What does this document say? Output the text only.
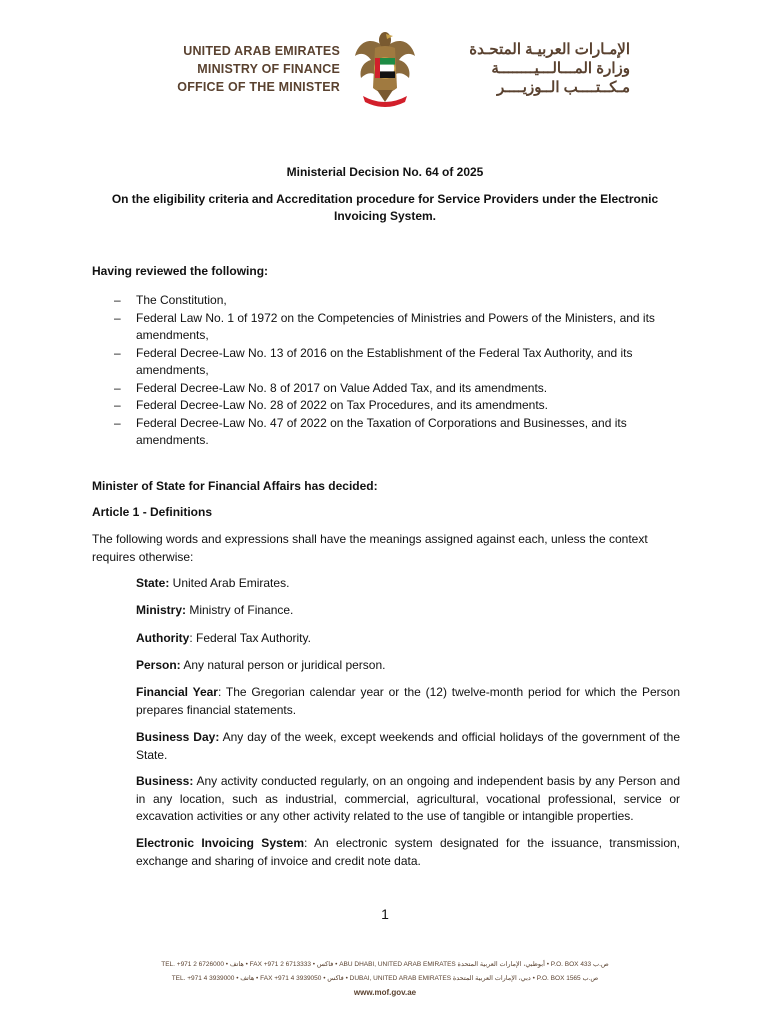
UNITED ARAB EMIRATES
MINISTRY OF FINANCE
OFFICE OF THE MINISTER
الإمـارات العربيـة المتحـدة
وزارة المـــالـــيــــــــة
مـكــتــــب الــوزيــــر
Ministerial Decision No. 64 of 2025
On the eligibility criteria and Accreditation procedure for Service Providers under the Electronic Invoicing System.
Having reviewed the following:
– The Constitution,
– Federal Law No. 1 of 1972 on the Competencies of Ministries and Powers of the Ministers, and its amendments,
– Federal Decree-Law No. 13 of 2016 on the Establishment of the Federal Tax Authority, and its amendments,
– Federal Decree-Law No. 8 of 2017 on Value Added Tax, and its amendments.
– Federal Decree-Law No. 28 of 2022 on Tax Procedures, and its amendments.
– Federal Decree-Law No. 47 of 2022 on the Taxation of Corporations and Businesses, and its amendments.
Minister of State for Financial Affairs has decided:
Article 1 - Definitions
The following words and expressions shall have the meanings assigned against each, unless the context requires otherwise:
State: United Arab Emirates.
Ministry: Ministry of Finance.
Authority: Federal Tax Authority.
Person: Any natural person or juridical person.
Financial Year: The Gregorian calendar year or the (12) twelve-month period for which the Person prepares financial statements.
Business Day: Any day of the week, except weekends and official holidays of the government of the State.
Business: Any activity conducted regularly, on an ongoing and independent basis by any Person and in any location, such as industrial, commercial, agricultural, vocational professional, service or excavation activities or any other activity related to the use of tangible or intangible properties.
Electronic Invoicing System: An electronic system designated for the issuance, transmission, exchange and sharing of invoice and credit note data.
1
TEL. +971 2 6726000 • هاتف • FAX +971 2 6713333 • فاكس • ABU DHABI, UNITED ARAB EMIRATES أبوظبي، الإمارات العربية المتحدة • P.O. BOX 433 ص.ب
TEL. +971 4 3939000 • هاتف • FAX +971 4 3939050 • فاكس • DUBAI, UNITED ARAB EMIRATES دبي، الإمارات العربية المتحدة • P.O. BOX 1565 ص.ب
www.mof.gov.ae
